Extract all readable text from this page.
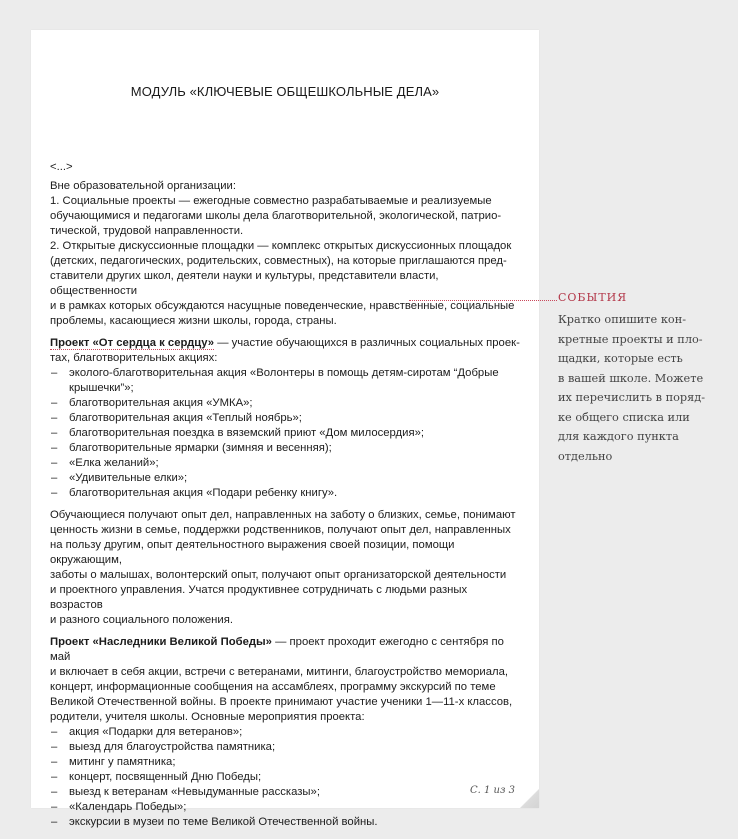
МОДУЛЬ «КЛЮЧЕВЫЕ ОБЩЕШКОЛЬНЫЕ ДЕЛА»

<...>

Вне образовательной организации:

1. Социальные проекты — ежегодные совместно разрабатываемые и реализуемые

обучающимися и педагогами школы дела благотворительной, экологической, патрио-

тической, трудовой направленности.

2. Открытые дискуссионные площадки — комплекс открытых дискуссионных площадок

(детских, педагогических, родительских, совместных), на которые приглашаются пред-

ставители других школ, деятели науки и культуры, представители власти, общественности

и в рамках которых обсуждаются насущные поведенческие, нравственные, социальные

проблемы, касающиеся жизни школы, города, страны.

Проект «От сердца к сердцу» — участие обучающихся в различных социальных проек-

тах, благотворительных акциях:

– эколого-благотворительная акция «Волонтеры в помощь детям-сиротам “Добрые
крышечки”»;
– благотворительная акция «УМКА»;
– благотворительная акция «Теплый ноябрь»;
– благотворительная поездка в вяземский приют «Дом милосердия»;
– благотворительные ярмарки (зимняя и весенняя);
– «Елка желаний»;
– «Удивительные елки»;
– благотворительная акция «Подари ребенку книгу».

Обучающиеся получают опыт дел, направленных на заботу о близких, семье, понимают

ценность жизни в семье, поддержки родственников, получают опыт дел, направленных

на пользу другим, опыт деятельностного выражения своей позиции, помощи окружающим,

заботы о малышах, волонтерский опыт, получают опыт организаторской деятельности

и проектного управления. Учатся продуктивнее сотрудничать с людьми разных возрастов

и разного социального положения.

Проект «Наследники Великой Победы» — проект проходит ежегодно с сентября по май

и включает в себя акции, встречи с ветеранами, митинги, благоустройство мемориала,

концерт, информационные сообщения на ассамблеях, программу экскурсий по теме

Великой Отечественной войны. В проекте принимают участие ученики 1—11-х классов,

родители, учителя школы. Основные мероприятия проекта:

– акция «Подарки для ветеранов»;
– выезд для благоустройства памятника;
– митинг у памятника;
– концерт, посвященный Дню Победы;
– выезд к ветеранам «Невыдуманные рассказы»;
– «Календарь Победы»;
– экскурсии в музеи по теме Великой Отечественной войны.
СОБЫТИЯ
Кратко опишите кон-
кретные проекты и пло-
щадки, которые есть
в вашей школе. Можете
их перечислить в поряд-
ке общего списка или
для каждого пункта
отдельно
С. 1 из 3
